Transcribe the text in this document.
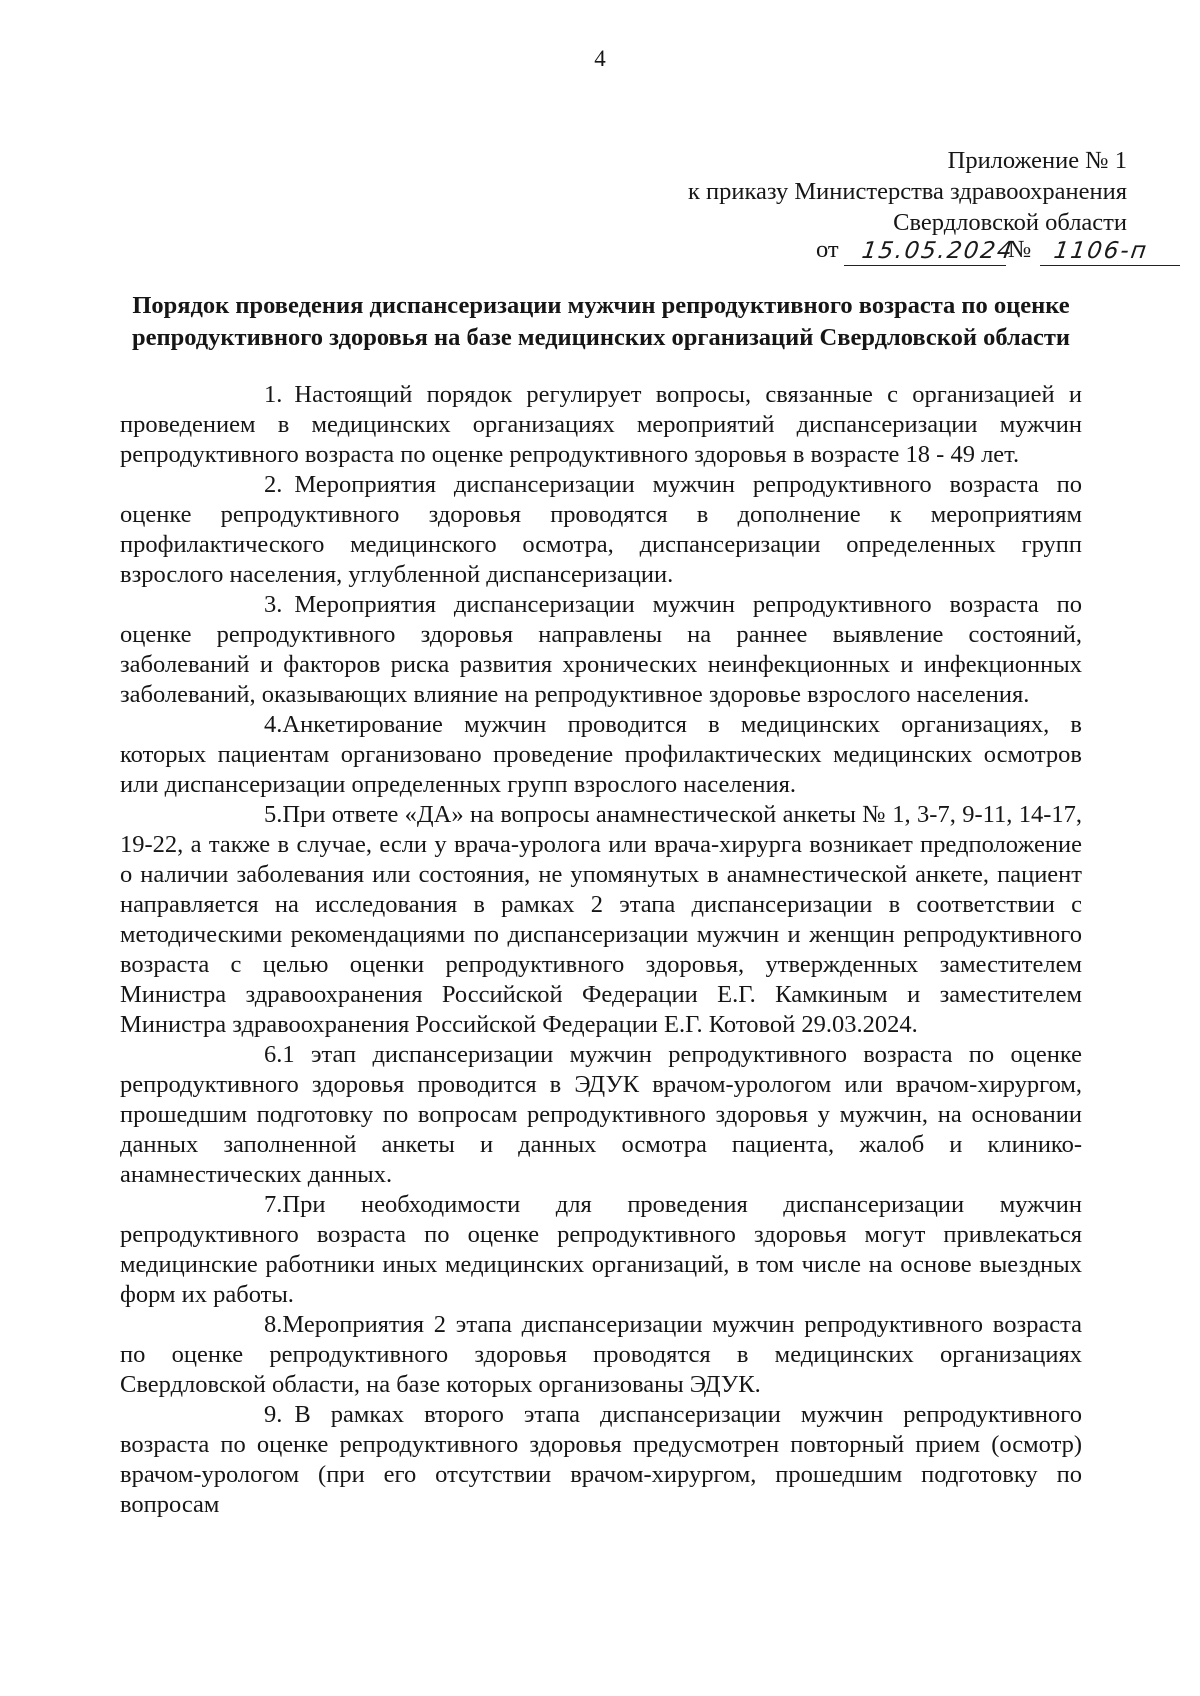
4
Приложение № 1
к приказу Министерства здравоохранения
Свердловской области
от 15.05.2024
№ 1106-п
Порядок проведения диспансеризации мужчин репродуктивного возраста по оценке репродуктивного здоровья на базе медицинских организаций Свердловской области

1. Настоящий порядок регулирует вопросы, связанные с организацией и проведением в медицинских организациях мероприятий диспансеризации мужчин репродуктивного возраста по оценке репродуктивного здоровья в возрасте 18 - 49 лет.

2. Мероприятия диспансеризации мужчин репродуктивного возраста по оценке репродуктивного здоровья проводятся в дополнение к мероприятиям профилактического медицинского осмотра, диспансеризации определенных групп взрослого населения, углубленной диспансеризации.

3. Мероприятия диспансеризации мужчин репродуктивного возраста по оценке репродуктивного здоровья направлены на раннее выявление состояний, заболеваний и факторов риска развития хронических неинфекционных и инфекционных заболеваний, оказывающих влияние на репродуктивное здоровье взрослого населения.

4.Анкетирование мужчин проводится в медицинских организациях, в которых пациентам организовано проведение профилактических медицинских осмотров или диспансеризации определенных групп взрослого населения.

5.При ответе «ДА» на вопросы анамнестической анкеты № 1, 3-7, 9-11, 14-17, 19-22, а также в случае, если у врача-уролога или врача-хирурга возникает предположение о наличии заболевания или состояния, не упомянутых в анамнестической анкете, пациент направляется на исследования в рамках 2 этапа диспансеризации в соответствии с методическими рекомендациями по диспансеризации мужчин и женщин репродуктивного возраста с целью оценки репродуктивного здоровья, утвержденных заместителем Министра здравоохранения Российской Федерации Е.Г. Камкиным и заместителем Министра здравоохранения Российской Федерации Е.Г. Котовой 29.03.2024.

6.1 этап диспансеризации мужчин репродуктивного возраста по оценке репродуктивного здоровья проводится в ЭДУК врачом-урологом или врачом-хирургом, прошедшим подготовку по вопросам репродуктивного здоровья у мужчин, на основании данных заполненной анкеты и данных осмотра пациента, жалоб и клинико-анамнестических данных.

7.При необходимости для проведения диспансеризации мужчин репродуктивного возраста по оценке репродуктивного здоровья могут привлекаться медицинские работники иных медицинских организаций, в том числе на основе выездных форм их работы.

8.Мероприятия 2 этапа диспансеризации мужчин репродуктивного возраста по оценке репродуктивного здоровья проводятся в медицинских организациях Свердловской области, на базе которых организованы ЭДУК.

9. В рамках второго этапа диспансеризации мужчин репродуктивного возраста по оценке репродуктивного здоровья предусмотрен повторный прием (осмотр) врачом-урологом (при его отсутствии врачом-хирургом, прошедшим подготовку по вопросам
